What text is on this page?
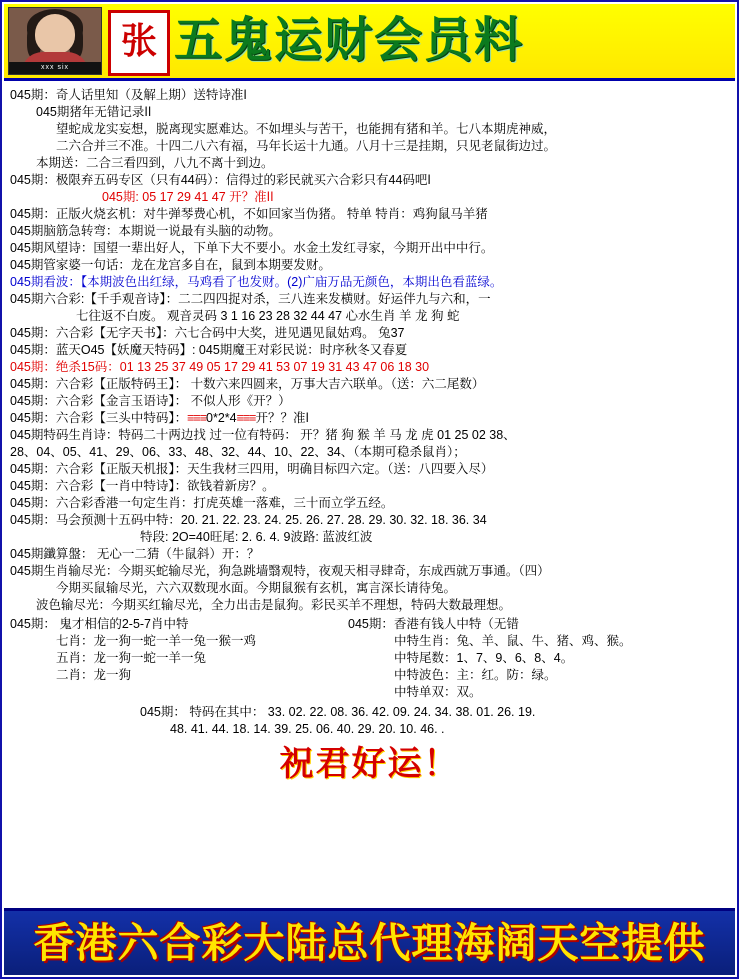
xxx six
张 五鬼运财会员料
045期：奇人话里知（及解上期）送特诗准ⅼ
045期猪年无错记录ⅼⅼ
望蛇成龙实妄想，脱离现实愿难达。不如埋头与苦干，也能拥有猪和羊。七八本期虎神威，
二六合并三不准。十四二八六有福，马年长运十九通。八月十三是挂期，只见老鼠街边过。
本期送：二合三看四到，八九不离十到边。
045期：极限弃五码专区（只有44码）：信得过的彩民就买六合彩只有44码吧ⅼ
045期: 05 17 29 41 47 开？准ⅼⅼ
045期：正版火烧玄机：对牛弹琴费心机，不如回家当伪猪。 特单 特肖：鸡狗鼠马羊猪
045期脑筋急转弯：本期说一说最有头脑的动物。
045期风望诗：国望一辈出好人，下单下大不要小。水金土发红寻家，今期开出中中行。
045期管家婆一句话：龙在龙宫多自在，鼠到本期要发财。
045期看波：【本期波色出红绿，马鸡看了也发财。(2)广庙万品无颜色，本期出色看蓝绿。
045期六合彩:【千手观音诗】：二二四四捉对杀，三八连来发横财。好运伴九与六和，一
七往返不白废。 观音灵码 3 1 16 23 28 32 44 47 心水生肖 羊 龙 狗 蛇
045期：六合彩【无字天书】：六七合码中大奖，进见遇见鼠姑鸡。 兔37
045期：蓝天O45【妖魔天特码】: 045期魔王对彩民说：时序秋冬又春夏
045期：绝杀15码：01 13 25 37 49 05 17 29 41 53 07 19 31 43 47 06 18 30
045期：六合彩【正版特码王】： 十数六来四圆来，万事大吉六联单。（送：六二尾数）
045期：六合彩【金言玉语诗】： 不似人形《开？）
045期：六合彩【三头中特码】：≡≡≡0*2*4≡≡≡开？？准ⅼ
045期特码生肖诗：特码二十两边找 过一位有特码： 开？猪 狗 猴 羊 马 龙 虎 01 25 02 38、
28、04、05、41、29、06、33、48、32、44、10、22、34、（本期可稳杀鼠肖）；
045期：六合彩【正版天机报】：天生我材三四用，明确目标四六定。（送：八四要入尽）
045期：六合彩【一肖中特诗】：欲钱着新房？。
045期：六合彩香港一句定生肖：打虎英雄一落难，三十而立学五经。
045期：马会预测十五码中特：20. 21. 22. 23. 24. 25. 26. 27. 28. 29. 30. 32. 18. 36. 34
特段: 2O=40旺尾: 2. 6. 4. 9波路: 蓝波红波
045期鑯算盤： 无心一二猜（牛鼠斜）开：？
045期生肖输尽光：今期买蛇输尽光，狗急跳墙翳观特，夜观天相寻肆奇，东成西就万事通。（四）
今期买鼠输尽光，六六双数现水面。今期鼠猴有玄机，寓言深长请待兔。
波色输尽光：今期买红输尽光，全力出击是鼠狗。彩民买羊不理想，特码大数最理想。
045期： 鬼才相信的2-5-7肖中特
七肖：龙一狗一蛇一羊一兔一猴一鸡
五肖：龙一狗一蛇一羊一兔
二肖：龙一狗
045期：香港有钱人中特（无错
中特生肖：兔、羊、鼠、牛、猪、鸡、猴。
中特尾数：1、7、9、6、8、4。
中特波色：主：红。防：绿。
中特单双：双。
045期： 特码在其中： 33. 02. 22. 08. 36. 42. 09. 24. 34. 38. 01. 26. 19.
48. 41. 44. 18. 14. 39. 25. 06. 40. 29. 20. 10. 46. .
祝君好运！
香港六合彩大陆总代理海阔天空提供
